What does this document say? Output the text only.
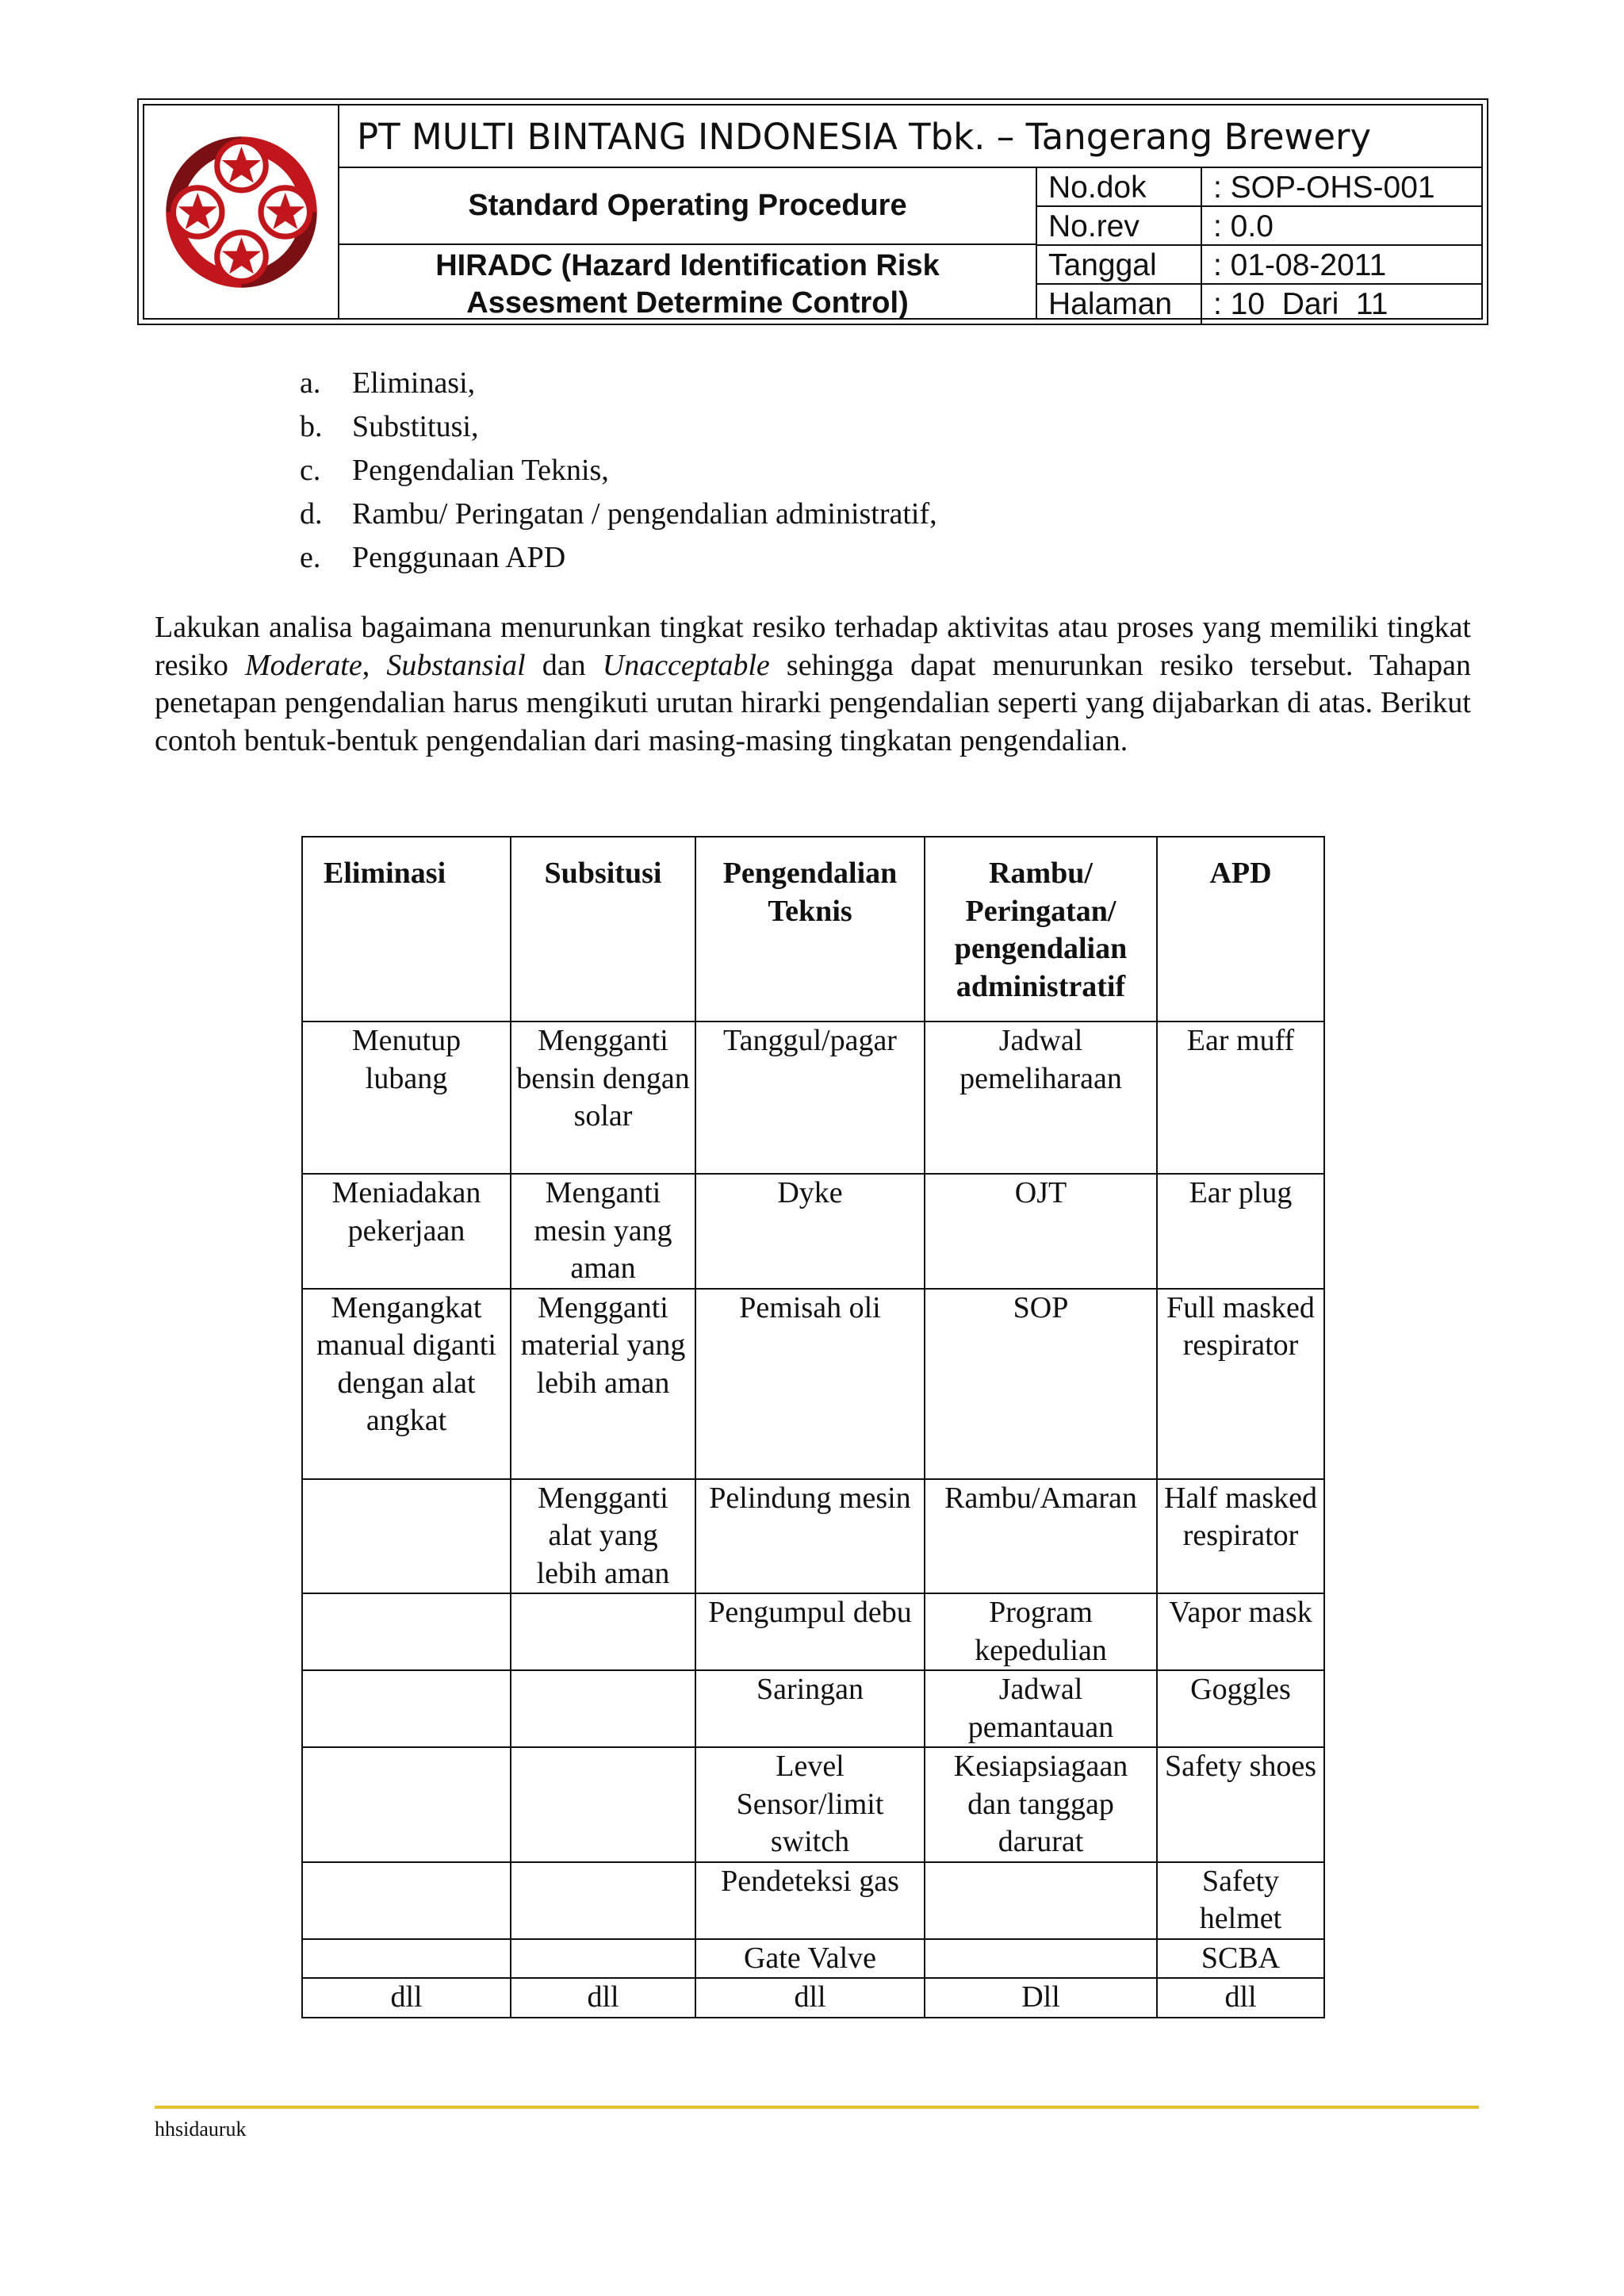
PT MULTI BINTANG INDONESIA Tbk. – Tangerang Brewery
Standard Operating Procedure
HIRADC (Hazard Identification Risk
Assesment Determine Control)
No.dok	: SOP-OHS-001
No.rev	: 0.0
Tanggal	: 01-08-2011
Halaman	: 10  Dari  11
a. Eliminasi,
b. Substitusi,
c. Pengendalian Teknis,
d. Rambu/ Peringatan / pengendalian administratif,
e. Penggunaan APD

Lakukan analisa bagaimana menurunkan tingkat resiko terhadap aktivitas atau proses yang memiliki tingkat resiko Moderate, Substansial dan Unacceptable sehingga dapat menurunkan resiko tersebut. Tahapan penetapan pengendalian harus mengikuti urutan hirarki pengendalian seperti yang dijabarkan di atas. Berikut contoh bentuk-bentuk pengendalian dari masing-masing tingkatan pengendalian.

Eliminasi	Subsitusi	Pengendalian Teknis	Rambu/ Peringatan/ pengendalian administratif	APD
Menutup lubang	Mengganti bensin dengan solar	Tanggul/pagar	Jadwal pemeliharaan	Ear muff
Meniadakan pekerjaan	Menganti mesin yang aman	Dyke	OJT	Ear plug
Mengangkat manual diganti dengan alat angkat	Mengganti material yang lebih aman	Pemisah oli	SOP	Full masked respirator
	Mengganti alat yang lebih aman	Pelindung mesin	Rambu/Amaran	Half masked respirator
		Pengumpul debu	Program kepedulian	Vapor mask
		Saringan	Jadwal pemantauan	Goggles
		Level Sensor/limit switch	Kesiapsiagaan dan tanggap darurat	Safety shoes
		Pendeteksi gas		Safety helmet
		Gate Valve		SCBA
dll	dll	dll	Dll	dll
hhsidauruk
